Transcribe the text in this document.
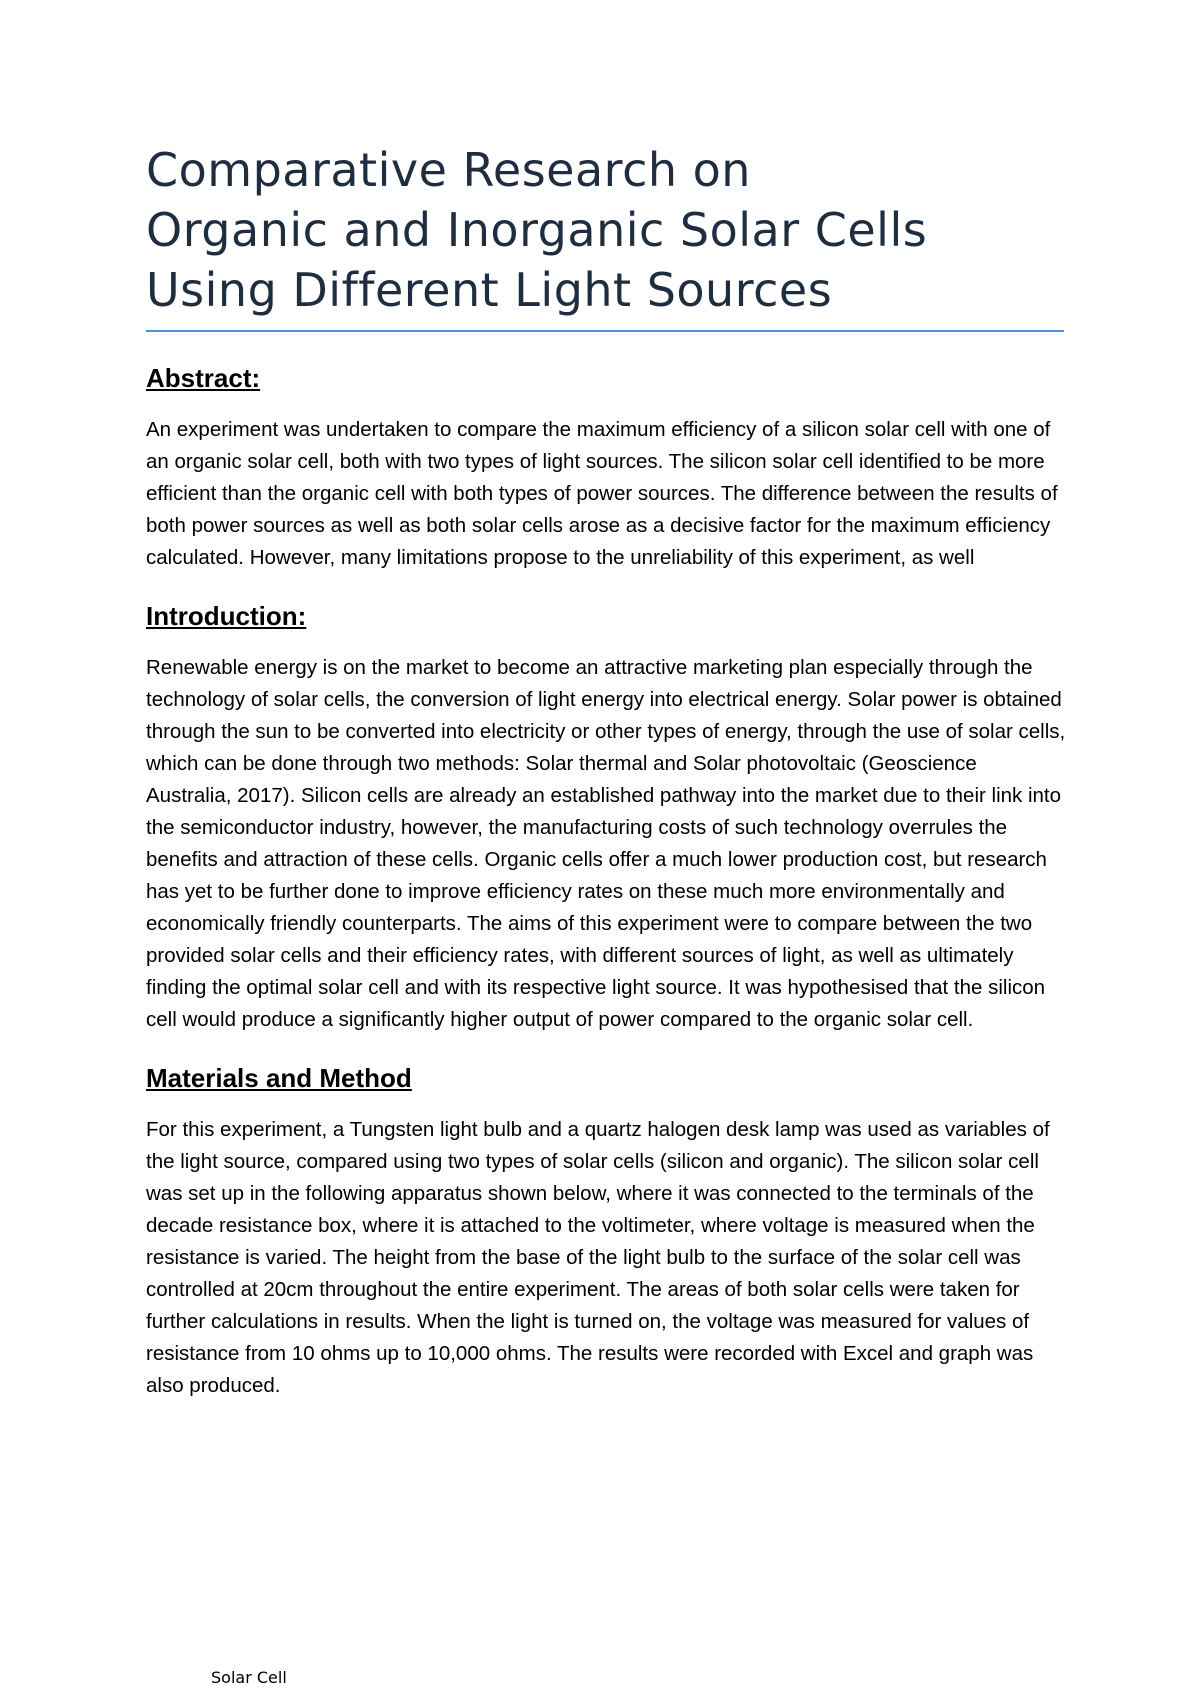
Comparative Research on
Organic and Inorganic Solar Cells
Using Different Light Sources
Abstract:

An experiment was undertaken to compare the maximum efficiency of a silicon solar cell with one of an organic solar cell, both with two types of light sources. The silicon solar cell identified to be more efficient than the organic cell with both types of power sources. The difference between the results of both power sources as well as both solar cells arose as a decisive factor for the maximum efficiency calculated. However, many limitations propose to the unreliability of this experiment, as well

Introduction:

Renewable energy is on the market to become an attractive marketing plan especially through the technology of solar cells, the conversion of light energy into electrical energy. Solar power is obtained through the sun to be converted into electricity or other types of energy, through the use of solar cells, which can be done through two methods: Solar thermal and Solar photovoltaic (Geoscience Australia, 2017). Silicon cells are already an established pathway into the market due to their link into the semiconductor industry, however, the manufacturing costs of such technology overrules the benefits and attraction of these cells. Organic cells offer a much lower production cost, but research has yet to be further done to improve efficiency rates on these much more environmentally and economically friendly counterparts. The aims of this experiment were to compare between the two provided solar cells and their efficiency rates, with different sources of light, as well as ultimately finding the optimal solar cell and with its respective light source. It was hypothesised that the silicon cell would produce a significantly higher output of power compared to the organic solar cell.

Materials and Method

For this experiment, a Tungsten light bulb and a quartz halogen desk lamp was used as variables of the light source, compared using two types of solar cells (silicon and organic). The silicon solar cell was set up in the following apparatus shown below, where it was connected to the terminals of the decade resistance box, where it is attached to the voltimeter, where voltage is measured when the resistance is varied. The height from the base of the light bulb to the surface of the solar cell was controlled at 20cm throughout the entire experiment. The areas of both solar cells were taken for further calculations in results. When the light is turned on, the voltage was measured for values of resistance from 10 ohms up to 10,000 ohms. The results were recorded with Excel and graph was also produced.

Solar Cell
